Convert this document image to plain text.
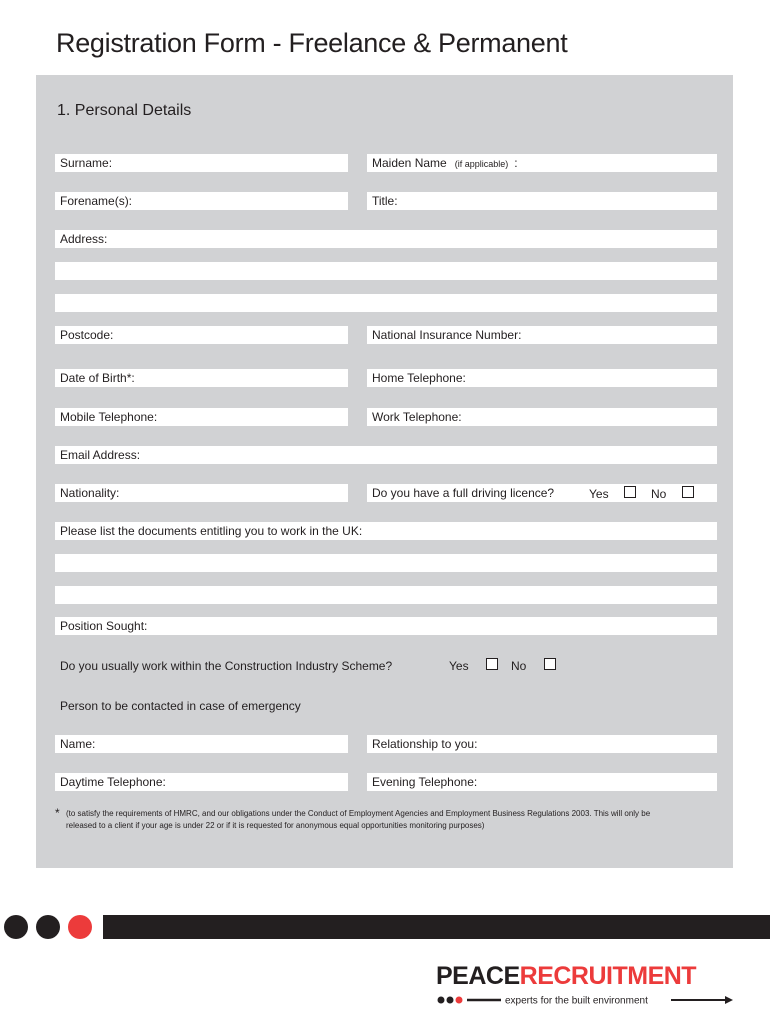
Registration Form - Freelance & Permanent
1. Personal Details
Surname:	Maiden Name (if applicable) :
Forename(s):	Title:
Address:
Postcode:	National Insurance Number:
Date of Birth*:	Home Telephone:
Mobile Telephone:	Work Telephone:
Email Address:
Nationality:	Do you have a full driving licence?	Yes	No
Please list the documents entitling you to work in the UK:
Position Sought:
Do you usually work within the Construction Industry Scheme?	Yes	No
Person to be contacted in case of emergency
Name:	Relationship to you:
Daytime Telephone:	Evening Telephone:
* (to satisfy the requirements of HMRC, and our obligations under the Conduct of Employment Agencies and Employment Business Regulations 2003. This will only be
released to a client if your age is under 22 or if it is requested for anonymous equal opportunities monitoring purposes)
PEACERECRUITMENT
experts for the built environment
